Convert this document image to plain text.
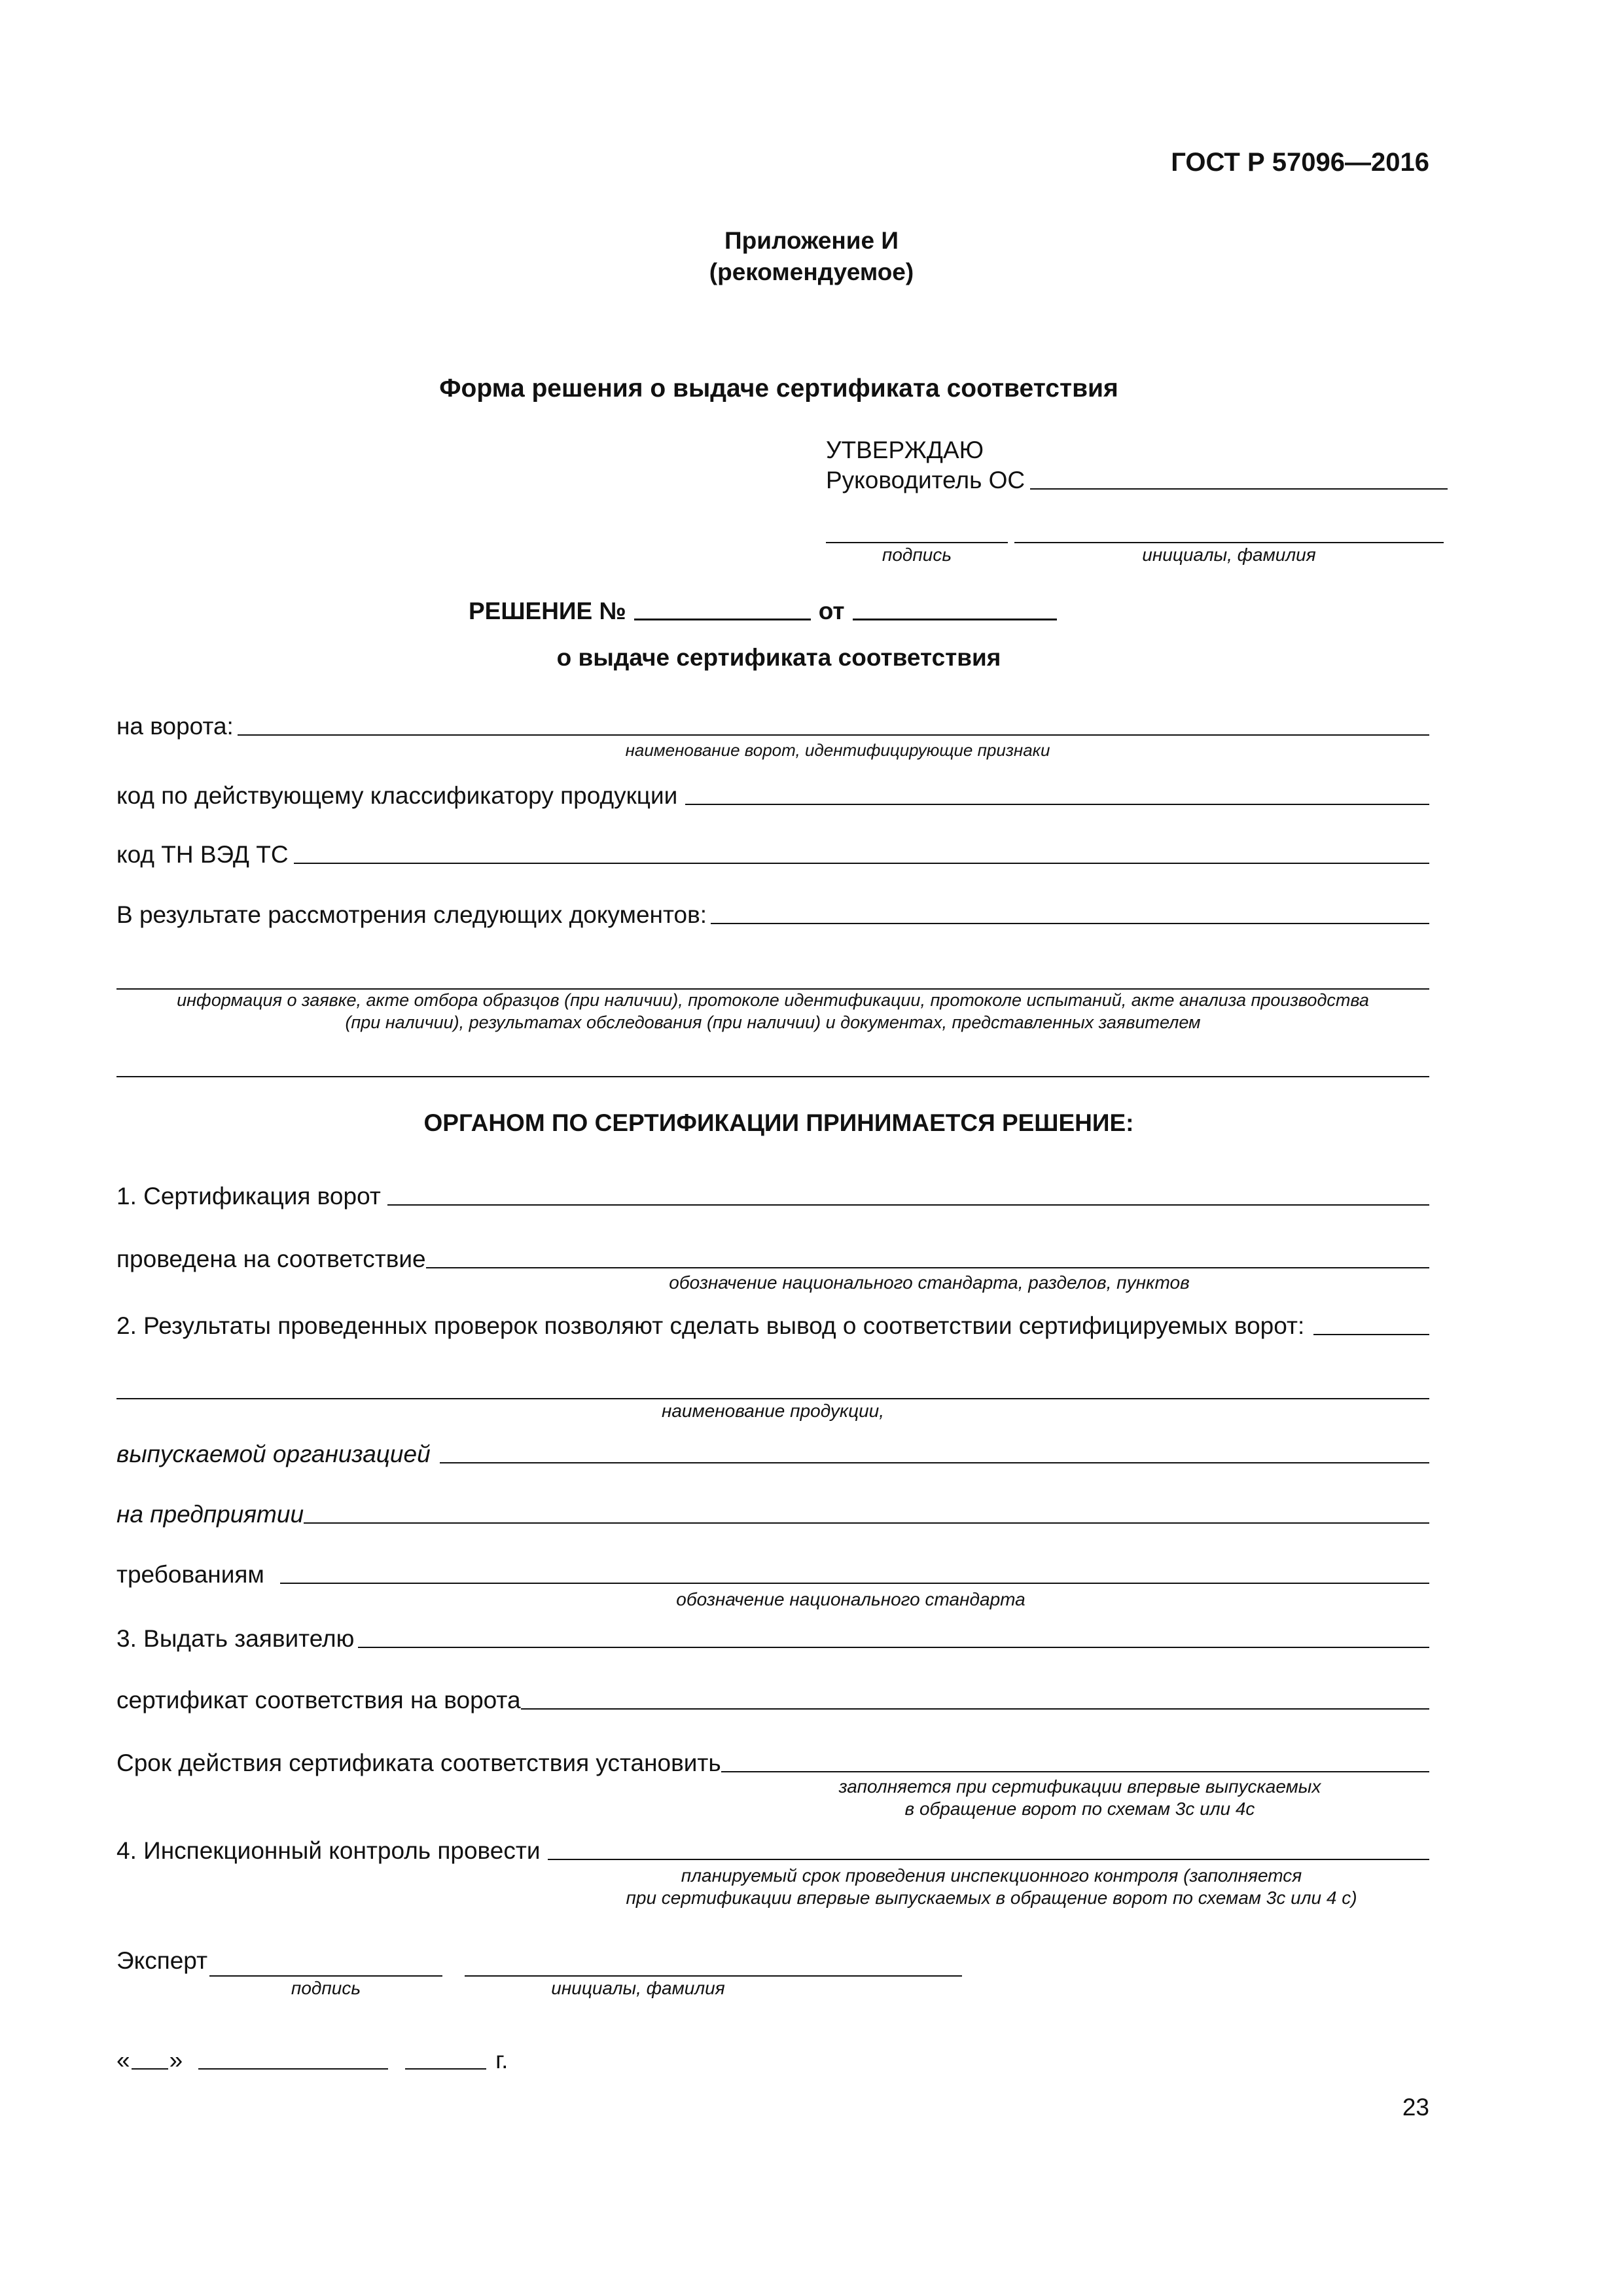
ГОСТ Р 57096—2016
Приложение И
(рекомендуемое)
Форма решения о выдаче сертификата соответствия
УТВЕРЖДАЮ
Руководитель ОС
подпись	инициалы, фамилия
РЕШЕНИЕ №	от
о выдаче сертификата соответствия
на ворота:
наименование ворот, идентифицирующие признаки
код по действующему классификатору продукции
код ТН ВЭД ТС
В результате рассмотрения следующих документов:
информация о заявке, акте отбора образцов (при наличии), протоколе идентификации, протоколе испытаний, акте анализа производства
(при наличии), результатах обследования (при наличии) и документах, представленных заявителем
ОРГАНОМ ПО СЕРТИФИКАЦИИ ПРИНИМАЕТСЯ РЕШЕНИЕ:
1. Сертификация ворот
проведена на соответствие
обозначение национального стандарта, разделов, пунктов
2. Результаты проведенных проверок позволяют сделать вывод о соответствии сертифицируемых ворот:
наименование продукции,
выпускаемой организацией
на предприятии
требованиям
обозначение национального стандарта
3. Выдать заявителю
сертификат соответствия на ворота
Срок действия сертификата соответствия установить
заполняется при сертификации впервые выпускаемых
в обращение ворот по схемам 3с или 4с
4. Инспекционный контроль провести
планируемый срок проведения инспекционного контроля (заполняется
при сертификации впервые выпускаемых в обращение ворот по схемам 3с или 4 с)
Эксперт
подпись	инициалы, фамилия
« »	г.
23
